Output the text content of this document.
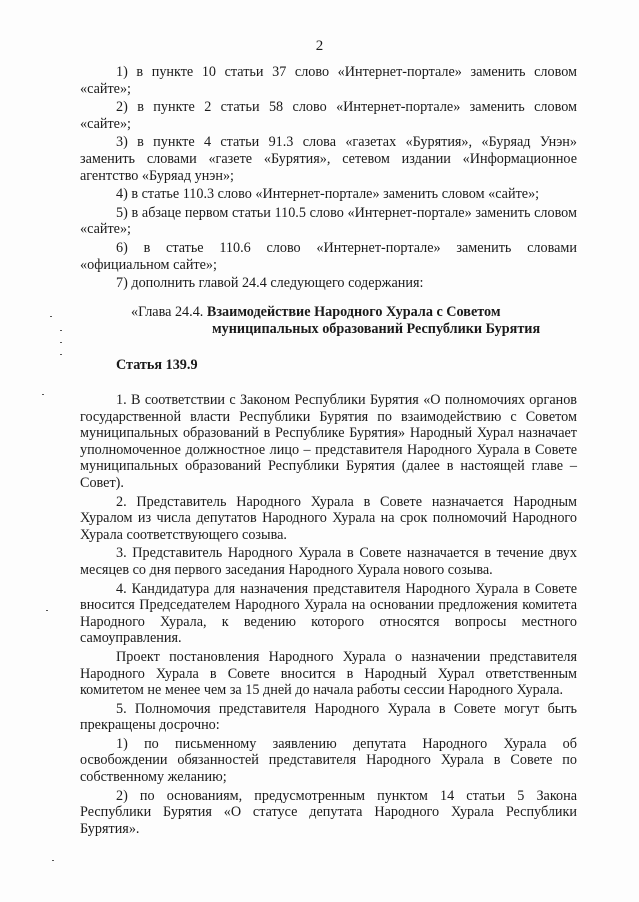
2

1) в пункте 10 статьи 37 слово «Интернет-портале» заменить словом «сайте»;

2) в пункте 2 статьи 58 слово «Интернет-портале» заменить словом «сайте»;

3) в пункте 4 статьи 91.3 слова «газетах «Бурятия», «Буряад Унэн» заменить словами «газете «Бурятия», сетевом издании «Информационное агентство «Буряад унэн»;

4) в статье 110.3 слово «Интернет-портале» заменить словом «сайте»;

5) в абзаце первом статьи 110.5 слово «Интернет-портале» заменить словом «сайте»;

6) в статье 110.6 слово «Интернет-портале» заменить словами «официальном сайте»;

7) дополнить главой 24.4 следующего содержания:

«Глава 24.4. Взаимодействие Народного Хурала с Советом
муниципальных образований Республики Бурятия
Статья 139.9

1. В соответствии с Законом Республики Бурятия «О полномочиях органов государственной власти Республики Бурятия по взаимодействию с Советом муниципальных образований в Республике Бурятия» Народный Хурал назначает уполномоченное должностное лицо – представителя Народного Хурала в Совете муниципальных образований Республики Бурятия (далее в настоящей главе – Совет).

2. Представитель Народного Хурала в Совете назначается Народным Хуралом из числа депутатов Народного Хурала на срок полномочий Народного Хурала соответствующего созыва.

3. Представитель Народного Хурала в Совете назначается в течение двух месяцев со дня первого заседания Народного Хурала нового созыва.

4. Кандидатура для назначения представителя Народного Хурала в Совете вносится Председателем Народного Хурала на основании предложения комитета Народного Хурала, к ведению которого относятся вопросы местного самоуправления.

Проект постановления Народного Хурала о назначении представителя Народного Хурала в Совете вносится в Народный Хурал ответственным комитетом не менее чем за 15 дней до начала работы сессии Народного Хурала.

5. Полномочия представителя Народного Хурала в Совете могут быть прекращены досрочно:

1) по письменному заявлению депутата Народного Хурала об освобождении обязанностей представителя Народного Хурала в Совете по собственному желанию;

2) по основаниям, предусмотренным пунктом 14 статьи 5 Закона Республики Бурятия «О статусе депутата Народного Хурала Республики Бурятия».
